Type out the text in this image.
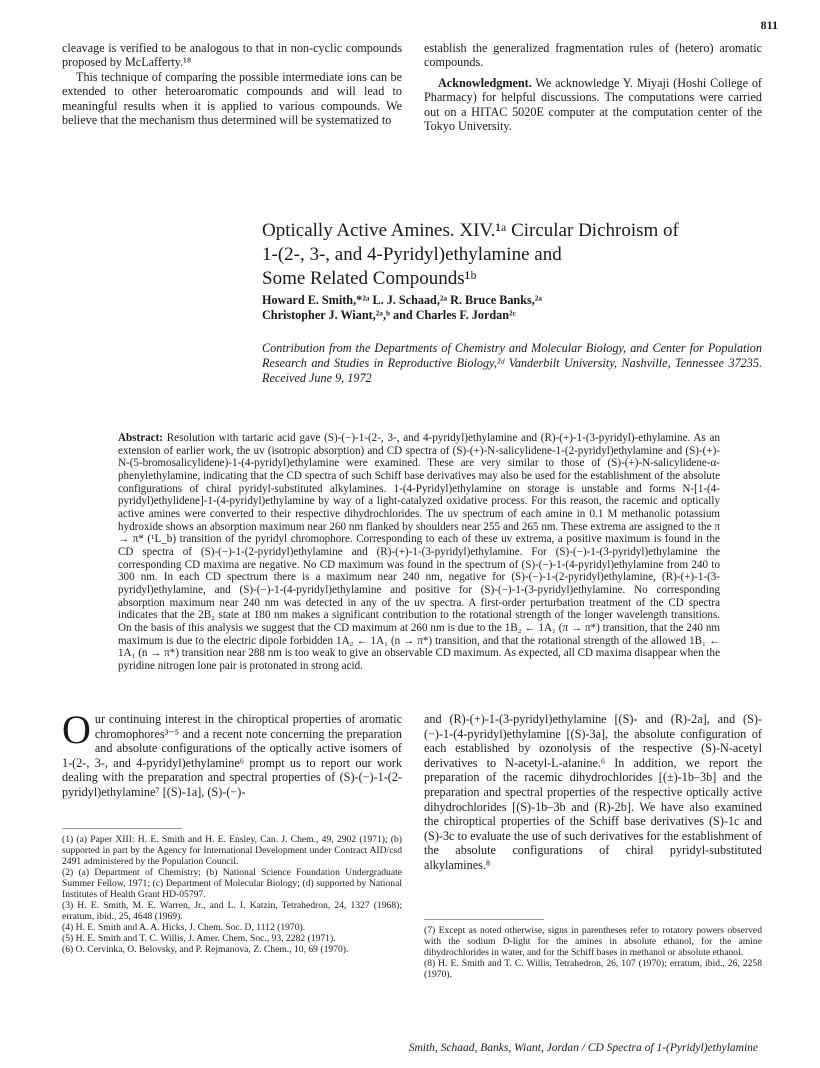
811

cleavage is verified to be analogous to that in non-cyclic compounds proposed by McLafferty.¹⁸

This technique of comparing the possible intermediate ions can be extended to other heteroaromatic compounds and will lead to meaningful results when it is applied to various compounds. We believe that the mechanism thus determined will be systematized to

establish the generalized fragmentation rules of (hetero) aromatic compounds.

Acknowledgment. We acknowledge Y. Miyaji (Hoshi College of Pharmacy) for helpful discussions. The computations were carried out on a HITAC 5020E computer at the computation center of the Tokyo University.

Optically Active Amines. XIV.¹ᵃ Circular Dichroism of
1-(2-, 3-, and 4-Pyridyl)ethylamine and
Some Related Compounds¹ᵇ
Howard E. Smith,*²ᵃ L. J. Schaad,²ᵃ R. Bruce Banks,²ᵃ
Christopher J. Wiant,²ᵃ,ᵇ and Charles F. Jordan²ᶜ
Contribution from the Departments of Chemistry and Molecular Biology, and Center for Population Research and Studies in Reproductive Biology,²ᵈ Vanderbilt University, Nashville, Tennessee 37235. Received June 9, 1972
Abstract: Resolution with tartaric acid gave (S)-(−)-1-(2-, 3-, and 4-pyridyl)ethylamine and (R)-(+)-1-(3-pyridyl)-ethylamine. As an extension of earlier work, the uv (isotropic absorption) and CD spectra of (S)-(+)-N-salicylidene-1-(2-pyridyl)ethylamine and (S)-(+)-N-(5-bromosalicylidene)-1-(4-pyridyl)ethylamine were examined. These are very similar to those of (S)-(+)-N-salicylidene-α-phenylethylamine, indicating that the CD spectra of such Schiff base derivatives may also be used for the establishment of the absolute configurations of chiral pyridyl-substituted alkylamines. 1-(4-Pyridyl)ethylamine on storage is unstable and forms N-[1-(4-pyridyl)ethylidene]-1-(4-pyridyl)ethylamine by way of a light-catalyzed oxidative process. For this reason, the racemic and optically active amines were converted to their respective dihydrochlorides. The uv spectrum of each amine in 0.1 M methanolic potassium hydroxide shows an absorption maximum near 260 nm flanked by shoulders near 255 and 265 nm. These extrema are assigned to the π → π* (¹L_b) transition of the pyridyl chromophore. Corresponding to each of these uv extrema, a positive maximum is found in the CD spectra of (S)-(−)-1-(2-pyridyl)ethylamine and (R)-(+)-1-(3-pyridyl)ethylamine. For (S)-(−)-1-(3-pyridyl)ethylamine the corresponding CD maxima are negative. No CD maximum was found in the spectrum of (S)-(−)-1-(4-pyridyl)ethylamine from 240 to 300 nm. In each CD spectrum there is a maximum near 240 nm, negative for (S)-(−)-1-(2-pyridyl)ethylamine, (R)-(+)-1-(3-pyridyl)ethylamine, and (S)-(−)-1-(4-pyridyl)ethylamine and positive for (S)-(−)-1-(3-pyridyl)ethylamine. No corresponding absorption maximum near 240 nm was detected in any of the uv spectra. A first-order perturbation treatment of the CD spectra indicates that the 2B₂ state at 180 nm makes a significant contribution to the rotational strength of the longer wavelength transitions. On the basis of this analysis we suggest that the CD maximum at 260 nm is due to the 1B₂ ← 1A₁ (π → π*) transition, that the 240 nm maximum is due to the electric dipole forbidden 1A₂ ← 1A₁ (n → π*) transition, and that the rotational strength of the allowed 1B₁ ← 1A₁ (n → π*) transition near 288 nm is too weak to give an observable CD maximum. As expected, all CD maxima disappear when the pyridine nitrogen lone pair is protonated in strong acid.
Our continuing interest in the chiroptical properties of aromatic chromophores³⁻⁵ and a recent note concerning the preparation and absolute configurations of the optically active isomers of 1-(2-, 3-, and 4-pyridyl)ethylamine⁶ prompt us to report our work dealing with the preparation and spectral properties of (S)-(−)-1-(2-pyridyl)ethylamine⁷ [(S)-1a], (S)-(−)-
and (R)-(+)-1-(3-pyridyl)ethylamine [(S)- and (R)-2a], and (S)-(−)-1-(4-pyridyl)ethylamine [(S)-3a], the absolute configuration of each established by ozonolysis of the respective (S)-N-acetyl derivatives to N-acetyl-L-alanine.⁶ In addition, we report the preparation of the racemic dihydrochlorides [(±)-1b–3b] and the preparation and spectral properties of the respective optically active dihydrochlorides [(S)-1b–3b and (R)-2b]. We have also examined the chiroptical properties of the Schiff base derivatives (S)-1c and (S)-3c to evaluate the use of such derivatives for the establishment of the absolute configurations of chiral pyridyl-substituted alkylamines.⁸
(1) (a) Paper XIII: H. E. Smith and H. E. Ensley, Can. J. Chem., 49, 2902 (1971); (b) supported in part by the Agency for International Development under Contract AID/csd 2491 administered by the Population Council.
(2) (a) Department of Chemistry; (b) National Science Foundation Undergraduate Summer Fellow, 1971; (c) Department of Molecular Biology; (d) supported by National Institutes of Health Grant HD-05797.
(3) H. E. Smith, M. E. Warren, Jr., and L. I. Katzin, Tetrahedron, 24, 1327 (1968); erratum, ibid., 25, 4648 (1969).
(4) H. E. Smith and A. A. Hicks, J. Chem. Soc. D, 1112 (1970).
(5) H. E. Smith and T. C. Willis, J. Amer. Chem. Soc., 93, 2282 (1971).
(6) O. Cervinka, O. Belovsky, and P. Rejmanova, Z. Chem., 10, 69 (1970).
(7) Except as noted otherwise, signs in parentheses refer to rotatory powers observed with the sodium D-light for the amines in absolute ethanol, for the amine dihydrochlorides in water, and for the Schiff bases in methanol or absolute ethanol.
(8) H. E. Smith and T. C. Willis, Tetrahedron, 26, 107 (1970); erratum, ibid., 26, 2258 (1970).
Smith, Schaad, Banks, Wiant, Jordan / CD Spectra of 1-(Pyridyl)ethylamine
